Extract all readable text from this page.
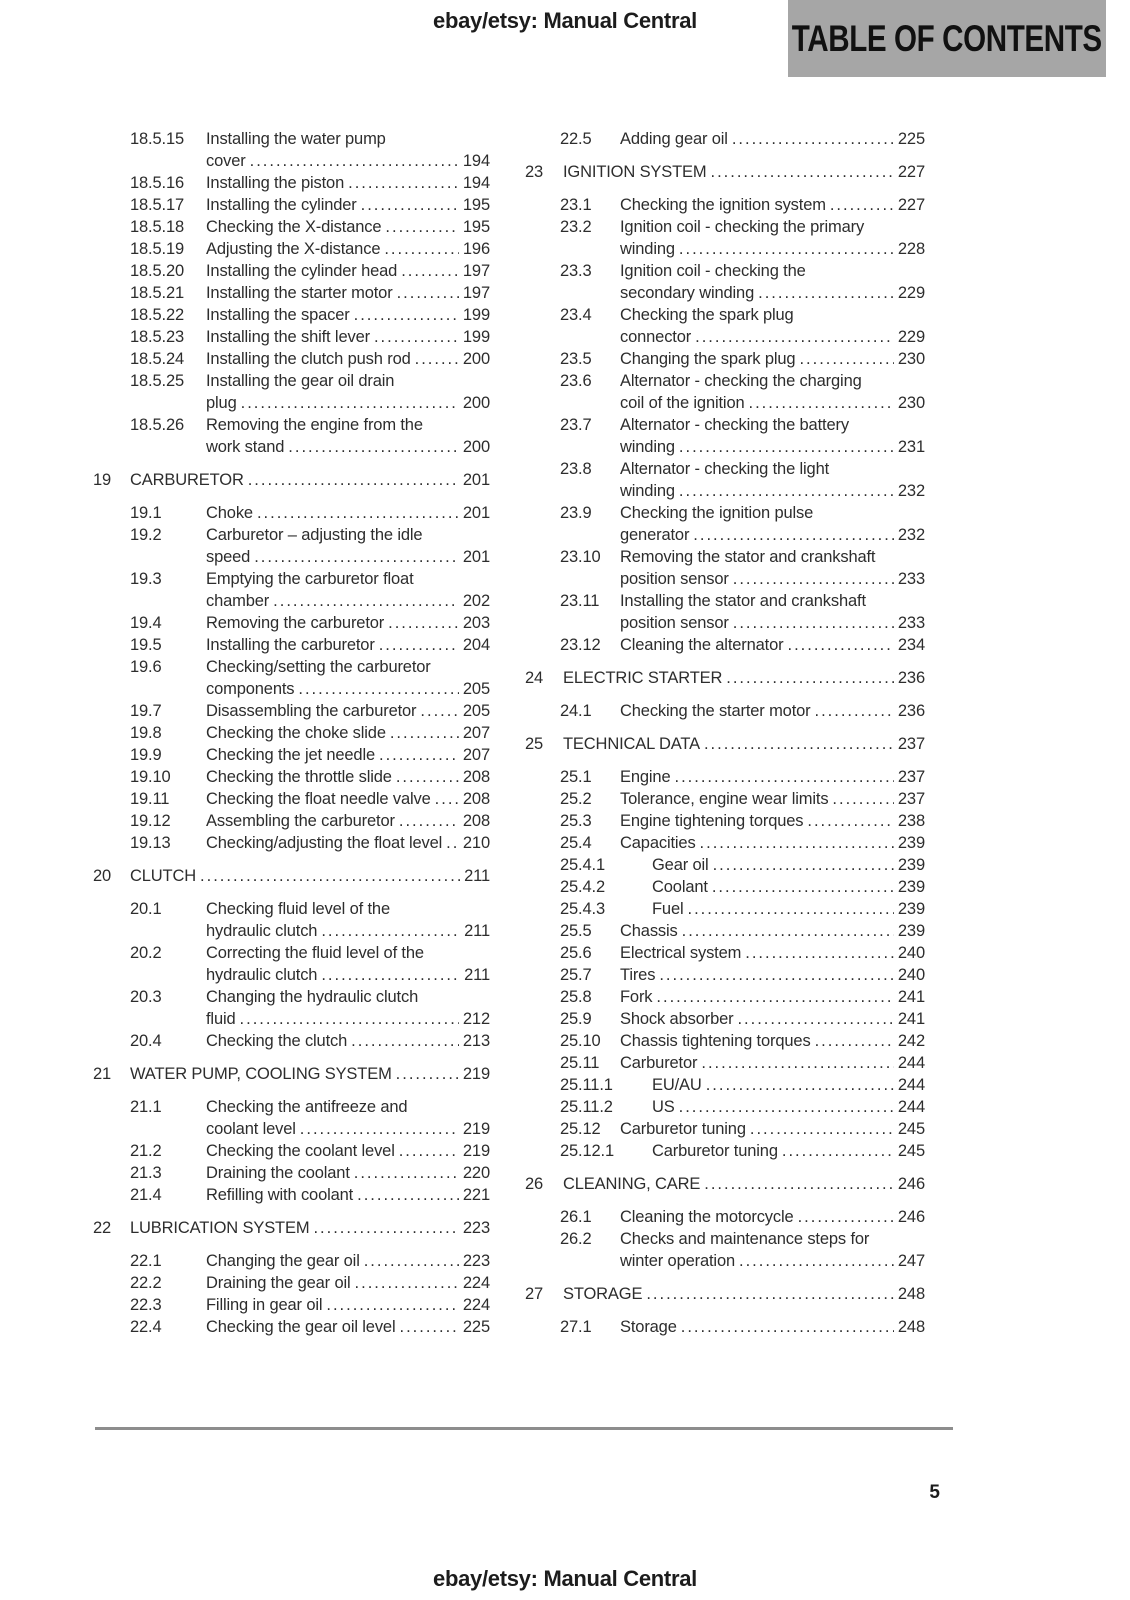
ebay/etsy: Manual Central	TABLE OF CONTENTS
18.5.15	Installing the water pump
cover .....	194
18.5.16	Installing the piston .....	194
18.5.17	Installing the cylinder .....	195
18.5.18	Checking the X-distance .....	195
18.5.19	Adjusting the X-distance .....	196
18.5.20	Installing the cylinder head .....	197
18.5.21	Installing the starter motor .....	197
18.5.22	Installing the spacer .....	199
18.5.23	Installing the shift lever .....	199
18.5.24	Installing the clutch push rod .....	200
18.5.25	Installing the gear oil drain
plug .....	200
18.5.26	Removing the engine from the
work stand .....	200
19	CARBURETOR .....	201
19.1	Choke .....	201
19.2	Carburetor – adjusting the idle
speed .....	201
19.3	Emptying the carburetor float
chamber .....	202
19.4	Removing the carburetor .....	203
19.5	Installing the carburetor .....	204
19.6	Checking/setting the carburetor
components .....	205
19.7	Disassembling the carburetor .....	205
19.8	Checking the choke slide .....	207
19.9	Checking the jet needle .....	207
19.10	Checking the throttle slide .....	208
19.11	Checking the float needle valve ..... 208
19.12	Assembling the carburetor .....	208
19.13	Checking/adjusting the float level ..... 210
20	CLUTCH .....	211
20.1	Checking fluid level of the
hydraulic clutch .....	211
20.2	Correcting the fluid level of the
hydraulic clutch .....	211
20.3	Changing the hydraulic clutch
fluid .....	212
20.4	Checking the clutch .....	213
21	WATER PUMP, COOLING SYSTEM .....	219
21.1	Checking the antifreeze and
coolant level .....	219
21.2	Checking the coolant level .....	219
21.3	Draining the coolant .....	220
21.4	Refilling with coolant .....	221
22	LUBRICATION SYSTEM .....	223
22.1	Changing the gear oil .....	223
22.2	Draining the gear oil .....	224
22.3	Filling in gear oil .....	224
22.4	Checking the gear oil level .....	225
22.5	Adding gear oil .....	225
23	IGNITION SYSTEM .....	227
23.1	Checking the ignition system .....	227
23.2	Ignition coil - checking the primary
winding .....	228
23.3	Ignition coil - checking the
secondary winding .....	229
23.4	Checking the spark plug
connector .....	229
23.5	Changing the spark plug .....	230
23.6	Alternator - checking the charging
coil of the ignition .....	230
23.7	Alternator - checking the battery
winding .....	231
23.8	Alternator - checking the light
winding .....	232
23.9	Checking the ignition pulse
generator .....	232
23.10	Removing the stator and crankshaft
position sensor .....	233
23.11	Installing the stator and crankshaft
position sensor .....	233
23.12	Cleaning the alternator .....	234
24	ELECTRIC STARTER .....	236
24.1	Checking the starter motor .....	236
25	TECHNICAL DATA .....	237
25.1	Engine .....	237
25.2	Tolerance, engine wear limits .....	237
25.3	Engine tightening torques .....	238
25.4	Capacities .....	239
25.4.1	Gear oil .....	239
25.4.2	Coolant .....	239
25.4.3	Fuel .....	239
25.5	Chassis .....	239
25.6	Electrical system .....	240
25.7	Tires .....	240
25.8	Fork .....	241
25.9	Shock absorber .....	241
25.10	Chassis tightening torques .....	242
25.11	Carburetor .....	244
25.11.1	EU/AU .....	244
25.11.2	US .....	244
25.12	Carburetor tuning .....	245
25.12.1	Carburetor tuning .....	245
26	CLEANING, CARE .....	246
26.1	Cleaning the motorcycle .....	246
26.2	Checks and maintenance steps for
winter operation .....	247
27	STORAGE .....	248
27.1	Storage .....	248
5
ebay/etsy: Manual Central
